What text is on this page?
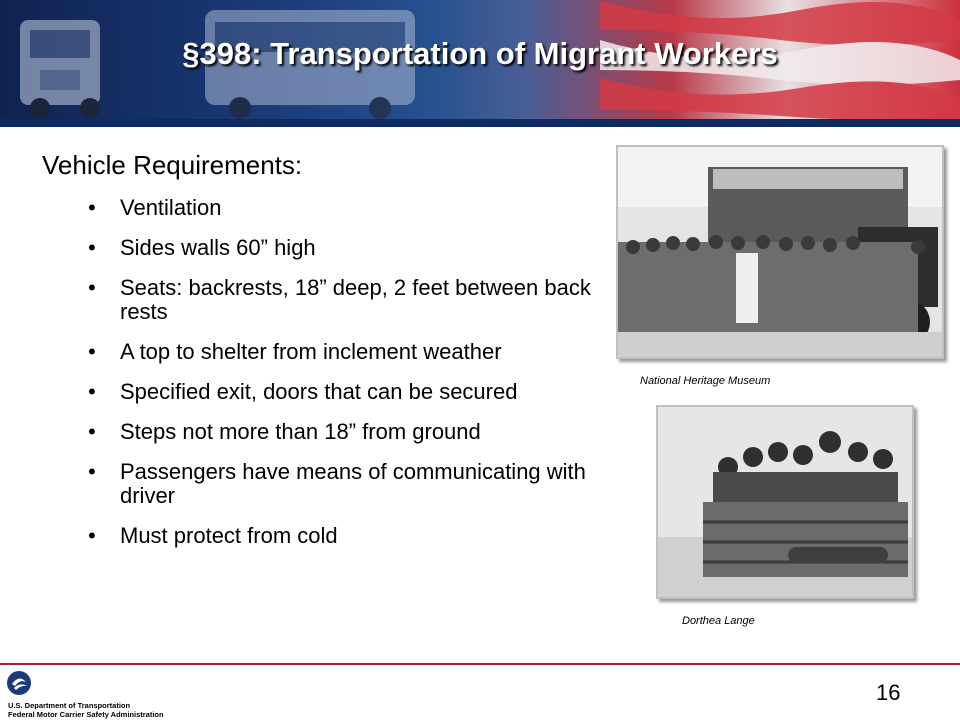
§398: Transportation of Migrant Workers
Vehicle Requirements:
• Ventilation
• Sides walls 60” high
• Seats: backrests, 18” deep, 2 feet between back rests
• A top to shelter from inclement weather
• Specified exit, doors that can be secured
• Steps not more than 18” from ground
• Passengers have means of communicating with driver
• Must protect from cold
National Heritage Museum
Dorthea Lange
U.S. Department of Transportation
Federal Motor Carrier Safety Administration
16
